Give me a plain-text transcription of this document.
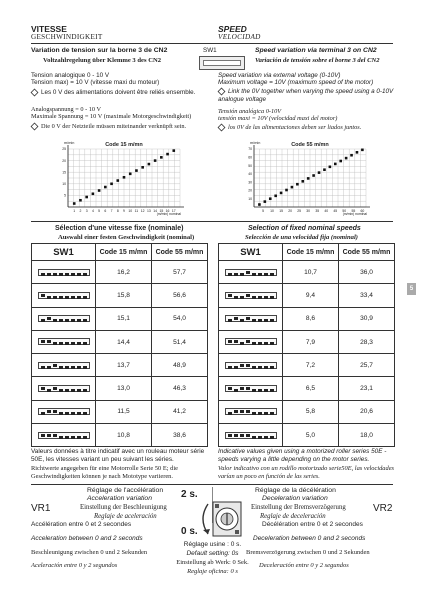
VITESSE
GESCHWINDIGKEIT
SPEED
VELOCIDAD
Variation de tension sur la borne 3 de CN2
Voltzahlregelung über Klemme 3 des CN2
Tension analogique 0 - 10 V
Tension max) = 10 V (vitesse maxi du moteur)
Les 0 V des alimentations doivent être reliés ensemble.
Analogspannung = 0 - 10 V
Maximale Spannung = 10 V (maximale Motorgeschwindigkeit)
Die 0 V der Netzteile müssen miteinander verknüpft sein.
SW1	Speed variation via terminal 3 on CN2
Variación de tensión sobre el borne 3 del CN2
Speed variation via external voltage (0-10V)
Maximum voltage = 10V (maximum speed of the motor)
Link the 0V together when varying the speed using a 0-10V analogue voltage
Tensión analógica 0-10V
tensión maxi = 10V (velocidad maxi del motor)
los 0V de las alimentaciones deben ser liados juntos.
Code 15 m/mn
m/min
(m/min) nominal
1 2 3 4 5 6 7 8 9 10 11 12 13 14 15 16 17
5
10
15
20
25
Code 55 m/mn
m/min
(m/min) nominal
5 10 15 20 25 30 35 40 45 50 55 60
10
20
30
40
50
60
70
Sélection d'une vitesse fixe (nominale)
Auswahl einer festen Geschwindigkeit (nominal)
Selection of fixed nominal speeds
Selección de una velocidad fija (nominal)
SW1	Code 15 m/mn	Code 55 m/mn

	16,2	57,7

	15,8	56,6

	15,1	54,0

	14,4	51,4

	13,7	48,9

	13,0	46,3

	11,5	41,2

	10,8	38,6
SW1	Code 15 m/mn	Code 55 m/mn

	10,7	36,0

	9,4	33,4

	8,6	30,9

	7,9	28,3

	7,2	25,7

	6,5	23,1

	5,8	20,6

	5,0	18,0
5
Valeurs données à titre indicatif avec un rouleau moteur série 50E, les vitesses variant un peu suivant les séries.
Richtwerte angegeben für eine Motorrolle Serie 50 E; die Geschwindigkeiten können je nach Mototype variieren.
Indicative values given using a motorized roller series 50E - speeds varying a little depending on the motor series.
Valor indicativo con un rodillo motorizado serie50E, las velocidades varían un poco en función de las series.
Réglage de l'accélération
Acceleration variation
Einstellung der Beschleunigung
Reglaje de aceleración
VR1
Accélération entre 0 et 2 secondes
Acceleration between 0 and 2 seconds
Beschleunigung zwischen 0 und 2 Sekunden
Aceleración entre 0 y 2 segundos
Réglage de la décélération
Deceleration variation
Einstellung der Bremsverzögerung
Reglaje de deceleración
VR2
Décélération entre 0 et 2 secondes
Deceleration between 0 and 2 seconds
Bremsverzögerung zwischen 0 und 2 Sekunden
Deceleración entre 0 y 2 segundos
2 s.
0 s.
Réglage usine : 0 s.
Default setting: 0s
Einstellung ab Werk: 0 Sek.
Reglaje oficina: 0 s
